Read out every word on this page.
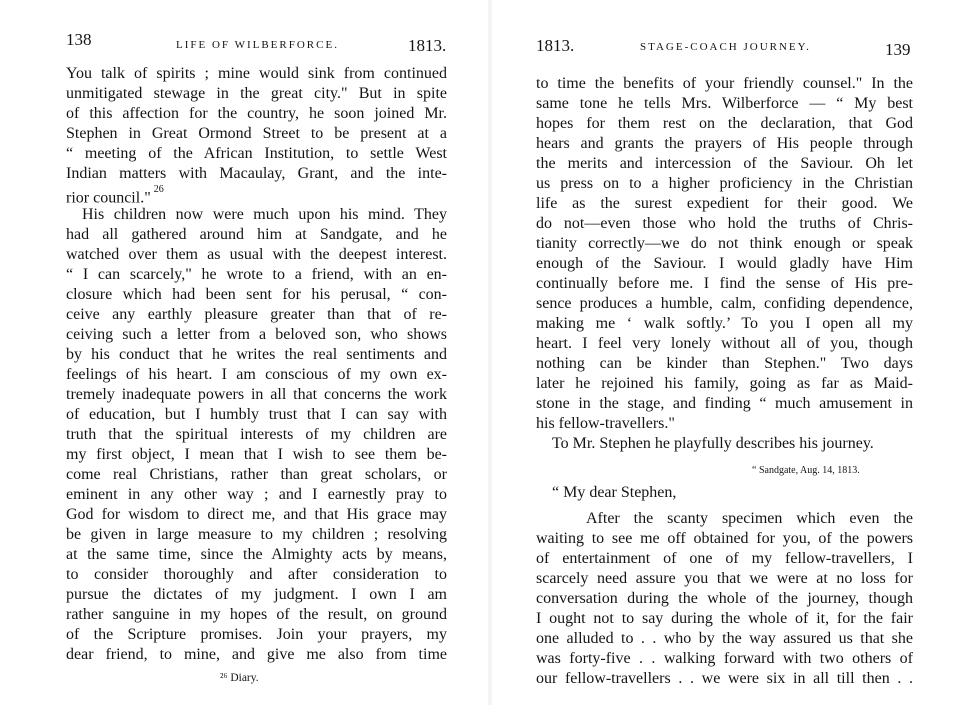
138	LIFE OF WILBERFORCE.	1813.
You talk of spirits ; mine would sink from continued
unmitigated stewage in the great city." But in spite
of this affection for the country, he soon joined Mr.
Stephen in Great Ormond Street to be present at a
“ meeting of the African Institution, to settle West
Indian matters with Macaulay, Grant, and the inte-
rior council." $^{26}$
His children now were much upon his mind. They
had all gathered around him at Sandgate, and he
watched over them as usual with the deepest interest.
“ I can scarcely," he wrote to a friend, with an en-
closure which had been sent for his perusal, “ con-
ceive any earthly pleasure greater than that of re-
ceiving such a letter from a beloved son, who shows
by his conduct that he writes the real sentiments and
feelings of his heart. I am conscious of my own ex-
tremely inadequate powers in all that concerns the work
of education, but I humbly trust that I can say with
truth that the spiritual interests of my children are
my first object, I mean that I wish to see them be-
come real Christians, rather than great scholars, or
eminent in any other way ; and I earnestly pray to
God for wisdom to direct me, and that His grace may
be given in large measure to my children ; resolving
at the same time, since the Almighty acts by means,
to consider thoroughly and after consideration to
pursue the dictates of my judgment. I own I am
rather sanguine in my hopes of the result, on ground
of the Scripture promises. Join your prayers, my
dear friend, to mine, and give me also from time
²⁶ Diary.
1813.	STAGE-COACH JOURNEY.	139
to time the benefits of your friendly counsel." In the
same tone he tells Mrs. Wilberforce — “ My best
hopes for them rest on the declaration, that God
hears and grants the prayers of His people through
the merits and intercession of the Saviour. Oh let
us press on to a higher proficiency in the Christian
life as the surest expedient for their good. We
do not—even those who hold the truths of Chris-
tianity correctly—we do not think enough or speak
enough of the Saviour. I would gladly have Him
continually before me. I find the sense of His pre-
sence produces a humble, calm, confiding dependence,
making me ‘ walk softly.’ To you I open all my
heart. I feel very lonely without all of you, though
nothing can be kinder than Stephen." Two days
later he rejoined his family, going as far as Maid-
stone in the stage, and finding “ much amusement in
his fellow-travellers."
To Mr. Stephen he playfully describes his journey.
“ Sandgate, Aug. 14, 1813.
“ My dear Stephen,
After the scanty specimen which even the
waiting to see me off obtained for you, of the powers
of entertainment of one of my fellow-travellers, I
scarcely need assure you that we were at no loss for
conversation during the whole of the journey, though
I ought not to say during the whole of it, for the fair
one alluded to . . who by the way assured us that she
was forty-five . . walking forward with two others of
our fellow-travellers . . we were six in all till then . .
